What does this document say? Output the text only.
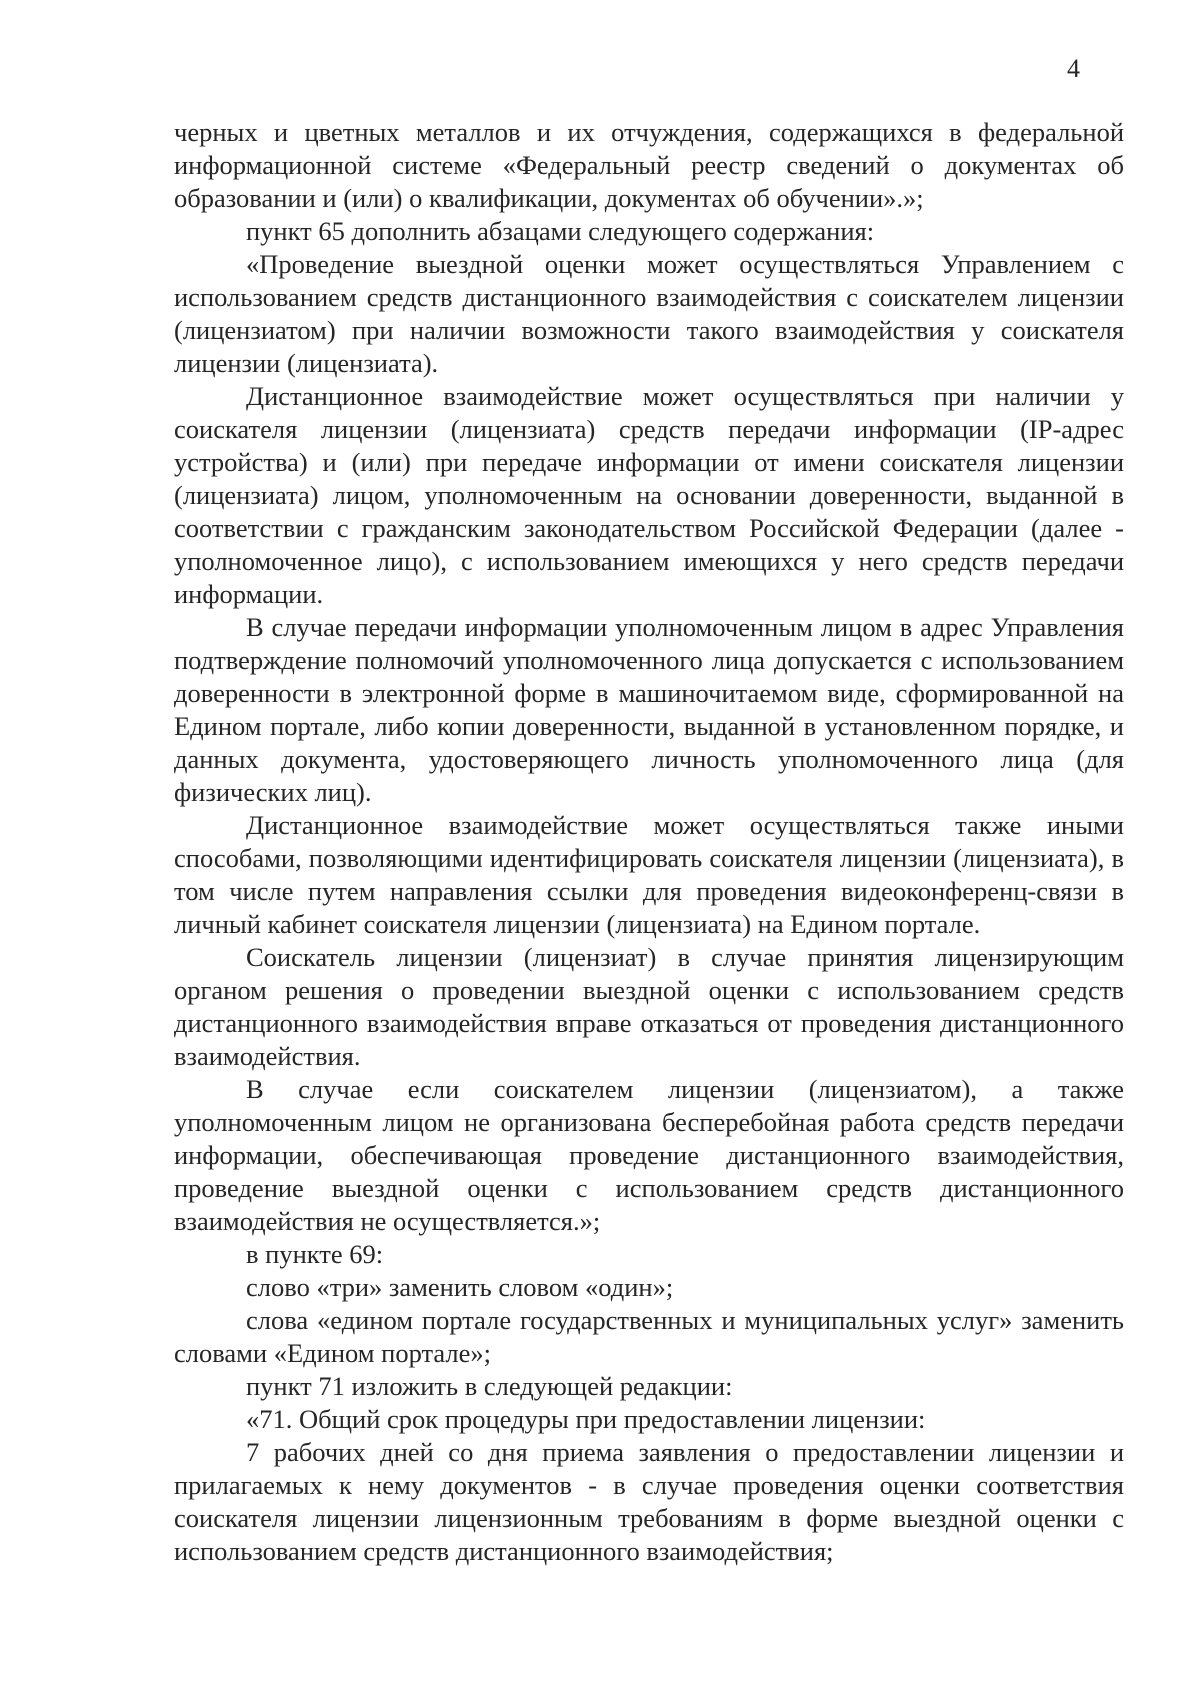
4

черных и цветных металлов и их отчуждения, содержащихся в федеральной информационной системе «Федеральный реестр сведений о документах об образовании и (или) о квалификации, документах об обучении».»;

пункт 65 дополнить абзацами следующего содержания:

«Проведение выездной оценки может осуществляться Управлением с использованием средств дистанционного взаимодействия с соискателем лицензии (лицензиатом) при наличии возможности такого взаимодействия у соискателя лицензии (лицензиата).

Дистанционное взаимодействие может осуществляться при наличии у соискателя лицензии (лицензиата) средств передачи информации (IP-адрес устройства) и (или) при передаче информации от имени соискателя лицензии (лицензиата) лицом, уполномоченным на основании доверенности, выданной в соответствии с гражданским законодательством Российской Федерации (далее - уполномоченное лицо), с использованием имеющихся у него средств передачи информации.

В случае передачи информации уполномоченным лицом в адрес Управления подтверждение полномочий уполномоченного лица допускается с использованием доверенности в электронной форме в машиночитаемом виде, сформированной на Едином портале, либо копии доверенности, выданной в установленном порядке, и данных документа, удостоверяющего личность уполномоченного лица (для физических лиц).

Дистанционное взаимодействие может осуществляться также иными способами, позволяющими идентифицировать соискателя лицензии (лицензиата), в том числе путем направления ссылки для проведения видеоконференц-связи в личный кабинет соискателя лицензии (лицензиата) на Едином портале.

Соискатель лицензии (лицензиат) в случае принятия лицензирующим органом решения о проведении выездной оценки с использованием средств дистанционного взаимодействия вправе отказаться от проведения дистанционного взаимодействия.

В случае если соискателем лицензии (лицензиатом), а также уполномоченным лицом не организована бесперебойная работа средств передачи информации, обеспечивающая проведение дистанционного взаимодействия, проведение выездной оценки с использованием средств дистанционного взаимодействия не осуществляется.»;

в пункте 69:

слово «три» заменить словом «один»;

слова «едином портале государственных и муниципальных услуг» заменить словами «Едином портале»;

пункт 71 изложить в следующей редакции:

«71. Общий срок процедуры при предоставлении лицензии:

7 рабочих дней со дня приема заявления о предоставлении лицензии и прилагаемых к нему документов - в случае проведения оценки соответствия соискателя лицензии лицензионным требованиям в форме выездной оценки с использованием средств дистанционного взаимодействия;
